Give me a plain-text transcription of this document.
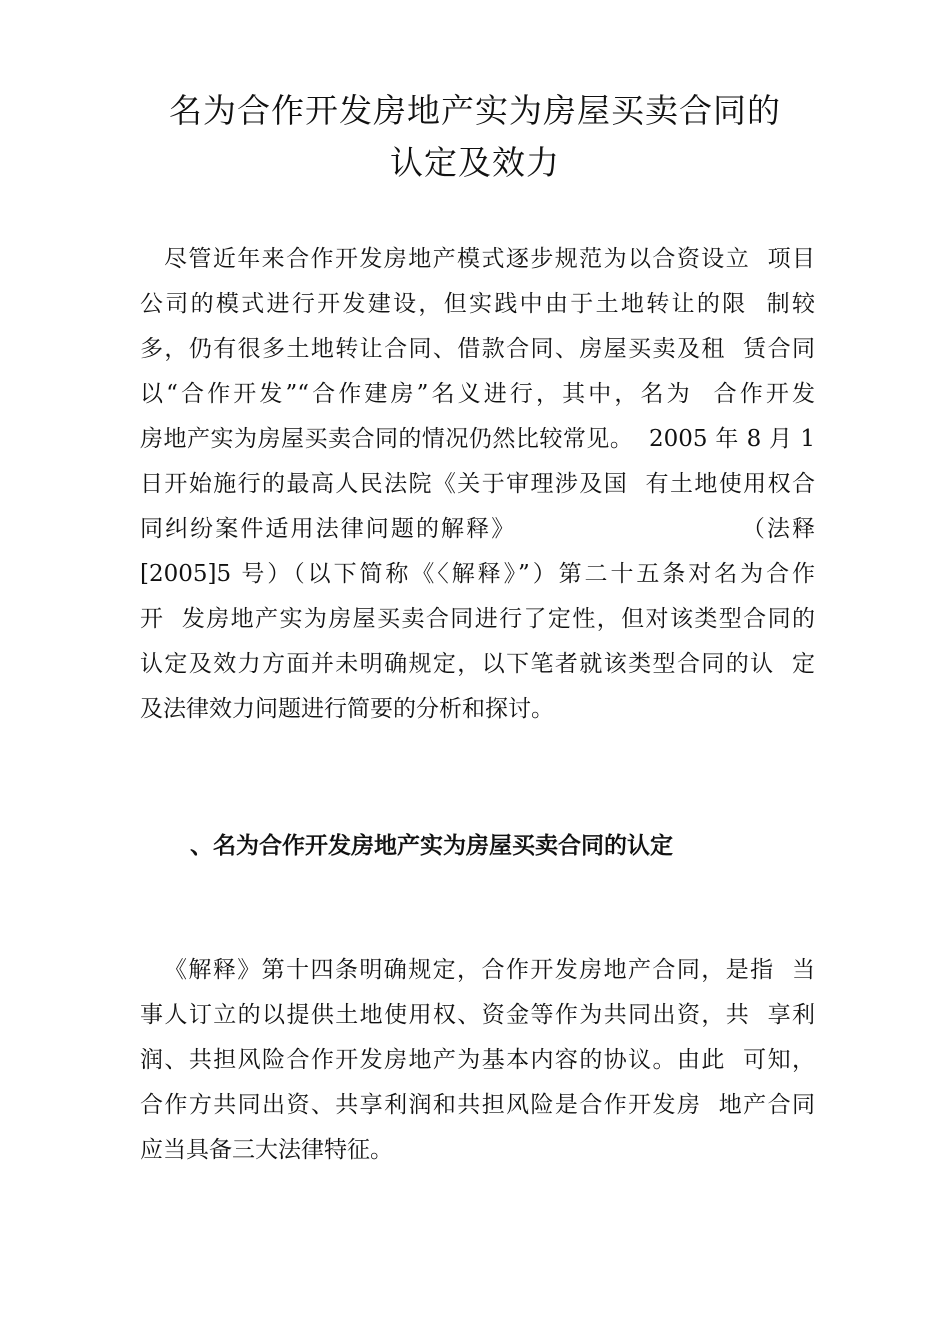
名为合作开发房地产实为房屋买卖合同的
认定及效力

尽管近年来合作开发房地产模式逐步规范为以合资设立  项目

公司的模式进行开发建设，但实践中由于土地转让的限  制较

多，仍有很多土地转让合同、借款合同、房屋买卖及租  赁合同

以“合作开发”“合作建房”名义进行，其中，名为  合作开发

房地产实为房屋买卖合同的情况仍然比较常见。  2005 年 8 月 1

日开始施行的最高人民法院《关于审理涉及国  有土地使用权合

同纠纷案件适用法律问题的解释》                        （法释

[2005]5 号）（以下简称《〈解释》”）第二十五条对名为合作

开  发房地产实为房屋买卖合同进行了定性，但对该类型合同的

认定及效力方面并未明确规定，以下笔者就该类型合同的认  定

及法律效力问题进行简要的分析和探讨。

、名为合作开发房地产实为房屋买卖合同的认定

《解释》第十四条明确规定，合作开发房地产合同，是指  当

事人订立的以提供土地使用权、资金等作为共同出资，共  享利

润、共担风险合作开发房地产为基本内容的协议。由此  可知，

合作方共同出资、共享利润和共担风险是合作开发房  地产合同

应当具备三大法律特征。
